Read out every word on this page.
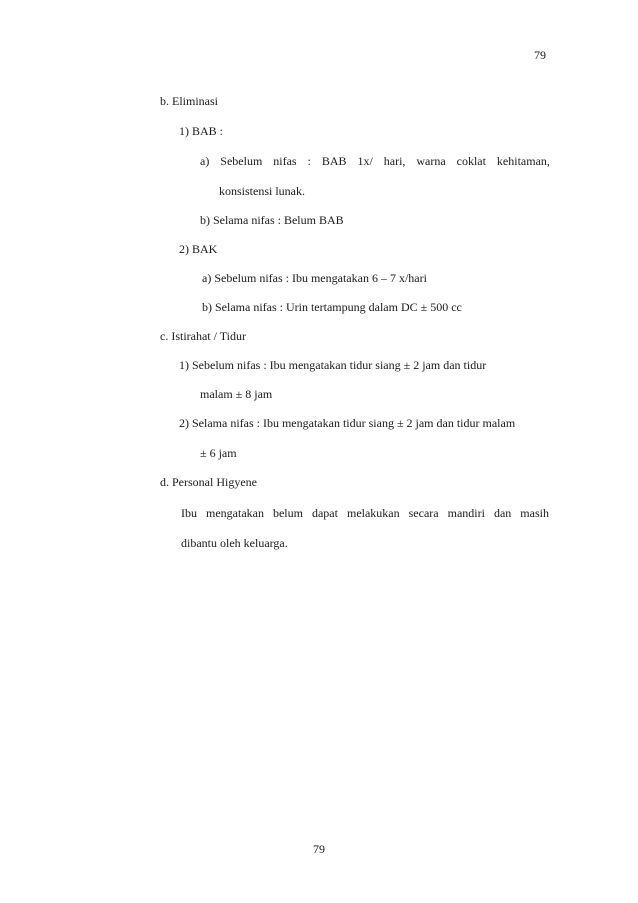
79
b. Eliminasi
1) BAB :
a) Sebelum nifas : BAB 1x/ hari, warna coklat kehitaman,
konsistensi lunak.
b) Selama nifas : Belum BAB
2) BAK
a) Sebelum nifas : Ibu mengatakan 6 – 7 x/hari
b) Selama nifas : Urin tertampung dalam DC ± 500 cc
c. Istirahat / Tidur
1) Sebelum nifas : Ibu mengatakan tidur siang ± 2 jam dan tidur
malam ± 8 jam
2) Selama nifas : Ibu mengatakan tidur siang ± 2 jam dan tidur malam
± 6 jam
d. Personal Higyene
Ibu mengatakan belum dapat melakukan secara mandiri dan masih
dibantu oleh keluarga.
79
